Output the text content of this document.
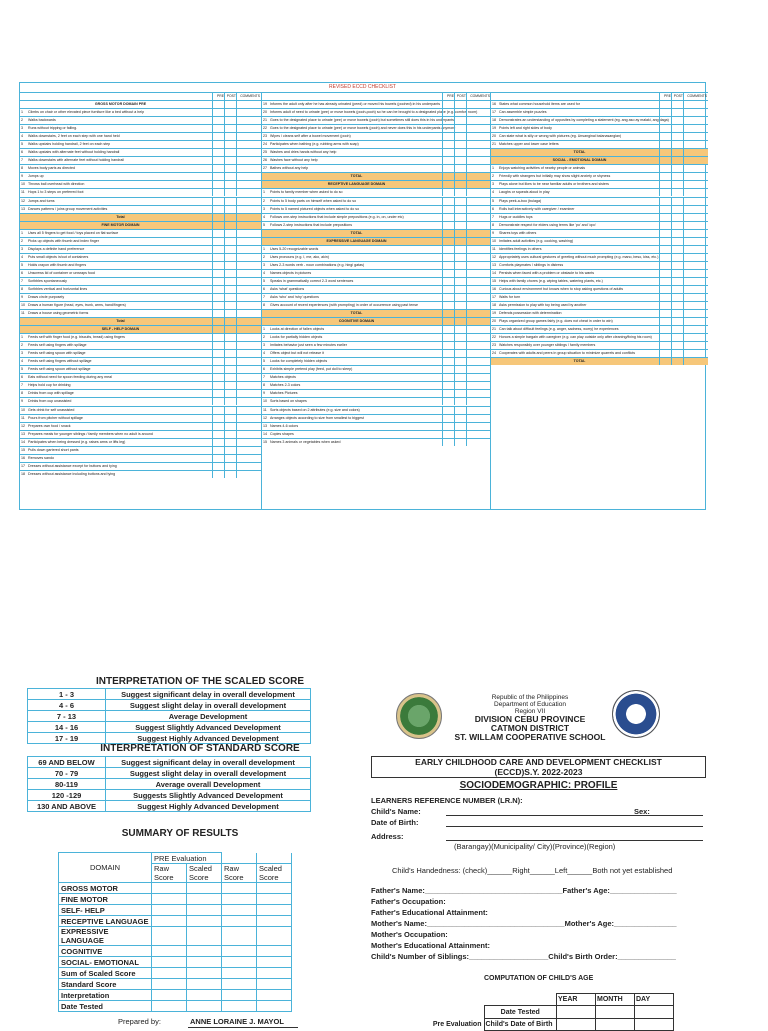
REVISED ECCD CHECKLIST
PRE POST COMMENTS
GROSS MOTOR DOMAIN PRE
1	Climbs on chair or other elevated piece furniture like a bed without a help
2	Walks backwards
3	Runs without tripping or falling.
4	Walks downstairs, 2 feet on each step with one hand held
5	Walks upstairs holding handrail, 2 feet on each step
6	Walks upstairs with alternate feet without holding handrail
7	Walks downstairs with alternate feet without holding handrail
8	Moves body parts as directed
9	Jumps up
10 Throws ball overhead with direction
11 Hops 1 to 3 steps on preferred foot
12 Jumps and turns
13 Dances patterns / joins group movement activities
Total
FINE MOTOR DOMAIN
1	Uses all 5 fingers to get food / toys placed on flat surface
2	Picks up objects with thumb and index finger
3	Displays a definite hand preference
4	Puts small objects in/out of containers
5	Holds crayon with thumb and fingers
6	Unscrews lid of container or unwraps food
7	Scribbles spontaneously
8	Scribbles vertical and horizontal lines
9	Draws circle purposely
10 Draws a human figure (head, eyes, trunk, arms, hand/fingers)
11 Draws a house using geometric forms
Total
SELF - HELP DOMAIN
1	Feeds self with finger food (e.g. biscuits, bread) using fingers
2	Feeds self using fingers with spillage
3	Feeds self using spoon with spillage
4	Feeds self using fingers without spillage
5	Feeds self using spoon without spillage
6	Eats without need for spoon feeding during any meal
7	Helps hold cup for drinking
8	Drinks from cup with spillage
9	Drinks from cup unassisted
10 Gets drink for self unassisted
11 Pours from pitcher without spillage
12 Prepares own food / snack
13 Prepares meals for younger siblings / family members when no adult is around
14 Participates when being dressed (e.g. raises arms or lifts leg)
15 Pulls down gartered short pants
16 Removes sando
17 Dresses without assistance except for buttons and tying
18 Dresses without assistance including buttons and tying
PRE POST COMMENTS
19 Informs the adult only after he has already urinated (peed) or moved his bowels (poohed) in his underpants
20 Informs adult of need to urinate (pee) or move bowels (pooh-pooh) so he can be brought to a designated place (e.g. comfort room)
21 Goes to the designated place to urinate (pee) or move bowels (pooh) but sometimes still does this in his underpants
22 Goes to the designated place to urinate (pee) or move bowels (pooh) and never does this in his underpants anymore
23 Wipes / cleans self after a bowel movement (pooh)
24 Participates when bathing (e.g. rubbing arms with soap)
25 Washes and dries hands without any help
26 Washes face without any help
27 Bathes without any help
TOTAL
RECEPTIVE LANGUAGE DOMAIN
1	Points to family member when asked to do so
2	Points to 5 body parts on himself when asked to do so
3	Points to 5 named pictured objects when asked to do so
4	Follows one-step instructions that include simple prepositions (e.g. in, on, under etc)
5	Follows 2-step instructions that include prepositions
TOTAL
EXPRESSIVE LANGUAGE DOMAIN
1	Uses 5-20 recognizable words
2	Uses pronouns (e.g. I, me, ako, akin)
3	Uses 2-3 words verb - noun combinations (e.g. hingi gatas)
4	Names objects in pictures
5	Speaks in grammatically correct 2-3 word sentences
6	Asks 'what' questions
7	Asks 'who' and 'why' questions
8	Gives account of recent experiences (with prompting) in order of occurrence using past tense
TOTAL
COGNITIVE DOMAIN
1	Looks at direction of fallen objects
2	Looks for partially hidden objects
3	Imitates behavior just seen a few minutes earlier
4	Offers object but will not release it
5	Looks for completely hidden objects
6	Exhibits simple pretend play (feed, put doll to sleep)
7	Matches objects
8	Matches 2-3 colors
9	Matches Pictures
10 Sorts based on shapes
11 Sorts objects based on 2 attributes (e.g. size and colors)
12 Arranges objects according to size from smallest to biggest
13 Names 4-6 colors
14 Copies shapes
15 Names 3 animals or vegetables when asked
PRE POST COMMENTS
16 States what common household items are used for
17 Can assemble simple puzzles
18 Demonstrates an understanding of opposites by completing a statement (eg. ang aso ay malaki, ang daga)
19 Points left and right sides of body
20 Can state what is silly or wrong with pictures (eg. Unsanginal balanasanglan)
21 Matches upper and lower case letters
TOTAL
SOCIAL - EMOTIONAL DOMAIN
1	Enjoys watching activities of nearby people or animals
2	Friendly with strangers but initially may show slight anxiety or shyness
3	Plays alone but likes to be near familiar adults or brothers and sisters
4	Laughs or squeals aloud in play
5	Plays peek-a-boo (bulaga)
6	Rolls ball interactively with caregiver / examiner
7	Hugs or cuddles toys
8	Demonstrate respect for elders using terms like 'po' and 'opo'
9	Shares toys with others
10 Imitates adult activities (e.g. cooking, washing)
11 Identifies feelings in others
12 Appropriately uses cultural gestures of greeting without much prompting (e.g. mano, beso, kiss, etc.)
13 Comforts playmates / siblings in distress
14 Persists when faced with a problem or obstacle to his wants
15 Helps with family chores (e.g. wiping tables, watering plants, etc.)
16 Curious about environment but knows when to stop asking questions of adults
17 Waits for turn
18 Asks permission to play with toy being used by another
19 Defends possession with determination
20 Plays organized group games fairly (e.g. does not cheat in order to win)
21 Can talk about difficult feelings (e.g. anger, sadness, worry) he experiences
22 Honors a simple bargain with caregiver (e.g. can play outside only after cleaning/fixing his room)
23 Watches responsibly over younger siblings / family members
24 Cooperates with adults and peers in group situation to minimize quarrels and conflicts
TOTAL
INTERPRETATION OF THE SCALED SCORE
1 - 3	Suggest significant delay in overall development
4 - 6	Suggest slight delay in overall development
7 - 13	Average Development
14 - 16	Suggest Slightly Advanced Development
17 - 19	Suggest Highly Advanced Development
INTERPRETATION OF STANDARD SCORE
69 AND BELOW	Suggest significant delay in overall development
70 - 79	Suggest slight delay in overall development
80-119	Average overall Development
120 -129	Suggests Slightly Advanced Development
130 AND ABOVE	Suggest Highly Advanced Development
SUMMARY OF RESULTS
DOMAIN	PRE Evaluation			
	Raw Score	Scaled Score	Raw Score	Scaled Score
GROSS MOTOR				
FINE MOTOR				
SELF- HELP				
RECEPTIVE LANGUAGE				
EXPRESSIVE LANGUAGE				
COGNITIVE				
SOCIAL- EMOTIONAL				
Sum of Scaled Score				
Standard Score				
Interpretation				
Date Tested				
Prepared by:	ANNE LORAINE J. MAYOL
Republic of the Philippines
Department of Education
Region VII
DIVISION CEBU PROVINCE
CATMON DISTRICT
ST. WILLAM COOPERATIVE SCHOOL
EARLY CHILDHOOD CARE AND DEVELOPMENT CHECKLIST
(ECCD)S.Y. 2022-2023
SOCIODEMOGRAPHIC: PROFILE
LEARNERS REFERENCE NUMBER (LR.N):
Child's Name:	Sex:
Date of Birth:
Address:
(Barangay)(Municipality/ City)(Province)(Region)
Child's Handedness: (check)______Right______Left______Both not yet established
Father's Name:_________________________________Father's Age:________________
Father's Occupation:
Father's Educational Attainment:
Mother's Name:_________________________________Mother's Age:_______________
Mother's Occupation:
Mother's Educational Attainment:
Child's Number of Siblings:___________________Child's Birth Order:______________
COMPUTATION OF CHILD'S AGE
		YEAR	MONTH	DAY
	Date Tested			
Pre Evaluation	Child's Date of Birth			
